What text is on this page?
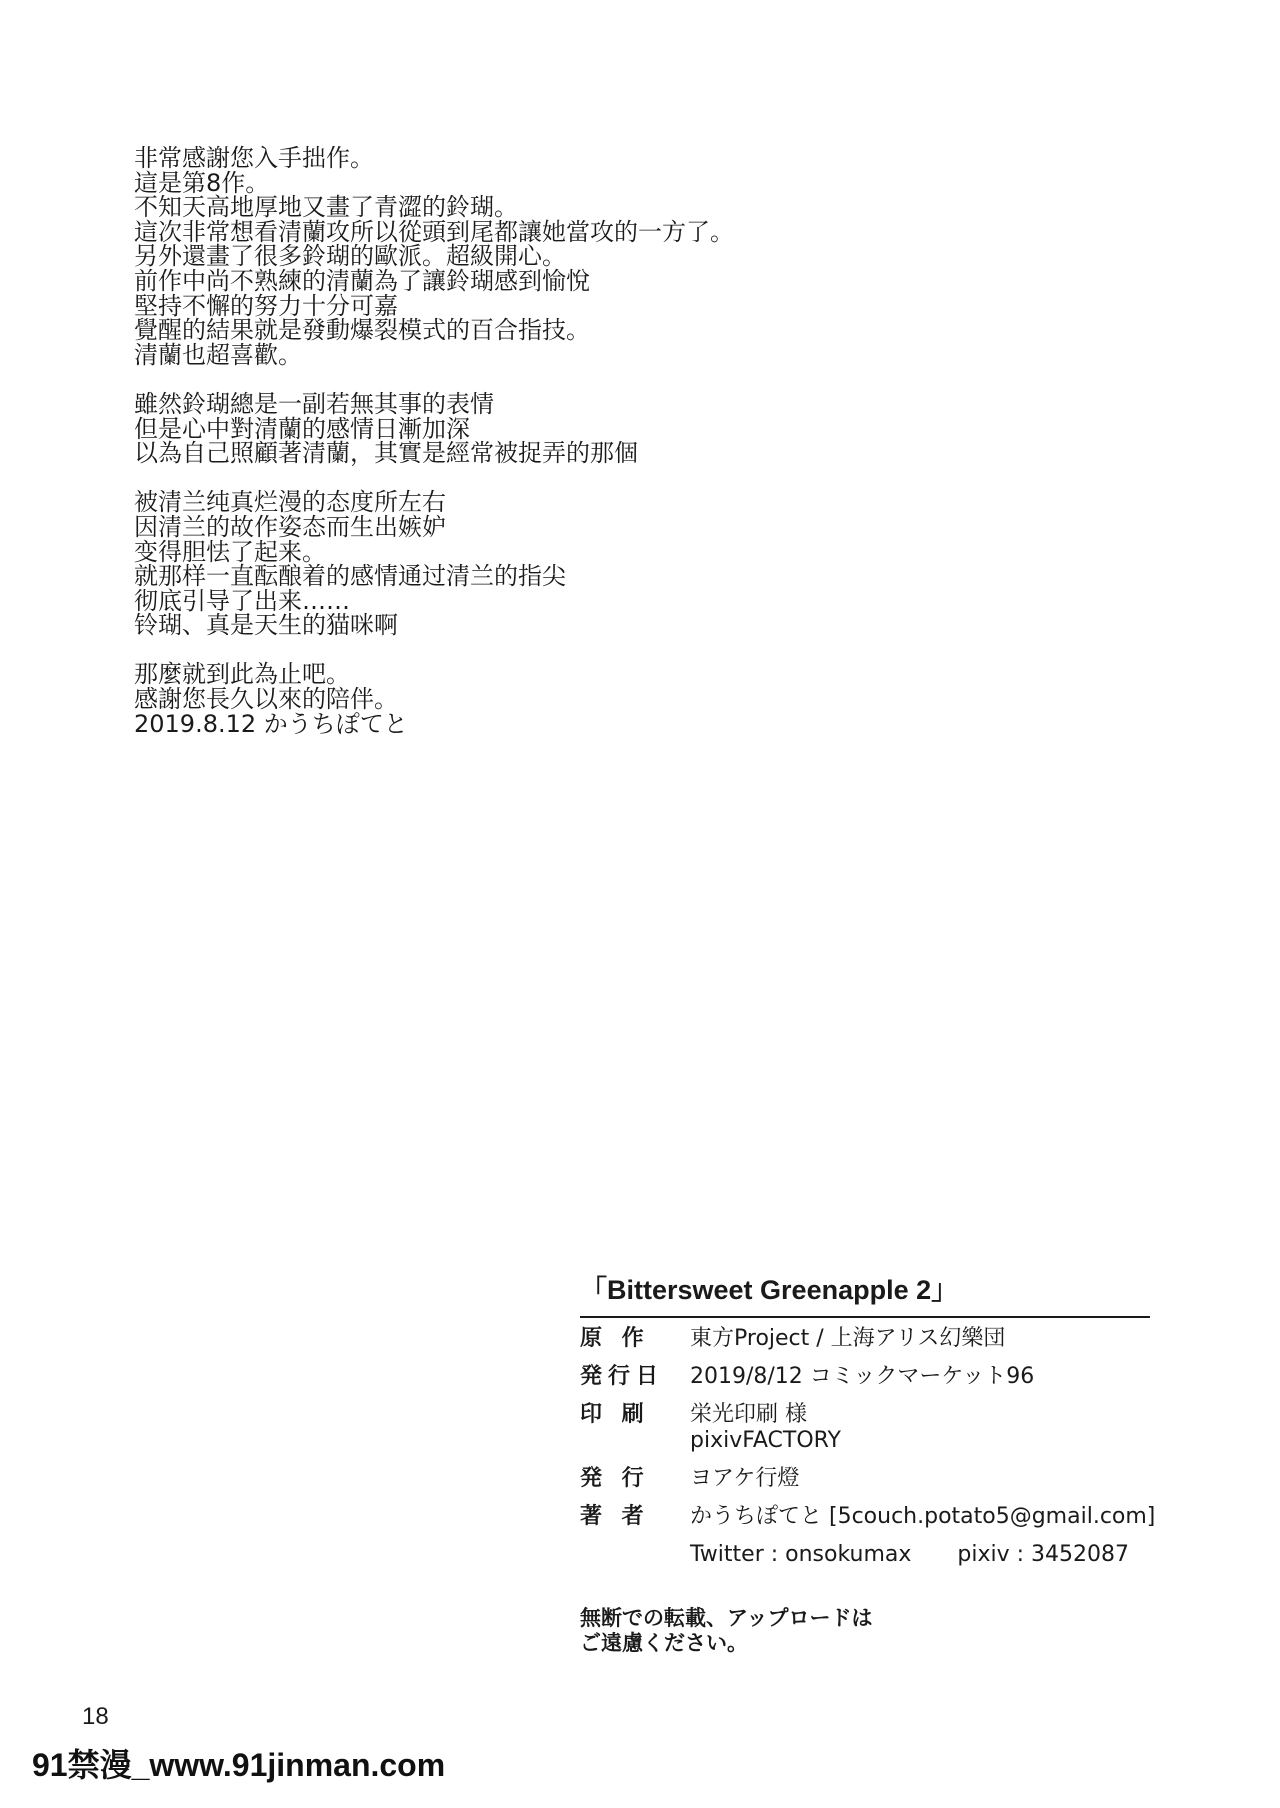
非常感謝您入手拙作。
這是第8作。
不知天高地厚地又畫了青澀的鈴瑚。
這次非常想看清蘭攻所以從頭到尾都讓她當攻的一方了。
另外還畫了很多鈴瑚的歐派。超級開心。
前作中尚不熟練的清蘭為了讓鈴瑚感到愉悅
堅持不懈的努力十分可嘉
覺醒的結果就是發動爆裂模式的百合指技。
清蘭也超喜歡。
雖然鈴瑚總是一副若無其事的表情
但是心中對清蘭的感情日漸加深
以為自己照顧著清蘭，其實是經常被捉弄的那個
被清兰纯真烂漫的态度所左右
因清兰的故作姿态而生出嫉妒
变得胆怯了起来。
就那样一直酝酿着的感情通过清兰的指尖
彻底引导了出来……
铃瑚、真是天生的猫咪啊
那麼就到此為止吧。
感謝您長久以來的陪伴。
2019.8.12 かうちぽてと
「Bittersweet Greenapple 2」
原 作	東方Project / 上海アリス幻樂団
発行日	2019/8/12 コミックマーケット96
印 刷	栄光印刷 様
pixivFACTORY
発 行	ヨアケ行燈
著 者	かうちぽてと [5couch.potato5@gmail.com]
Twitter : onsokumax pixiv : 3452087
無断での転載、アップロードは
ご遠慮ください。
18
91禁漫_www.91jinman.com
